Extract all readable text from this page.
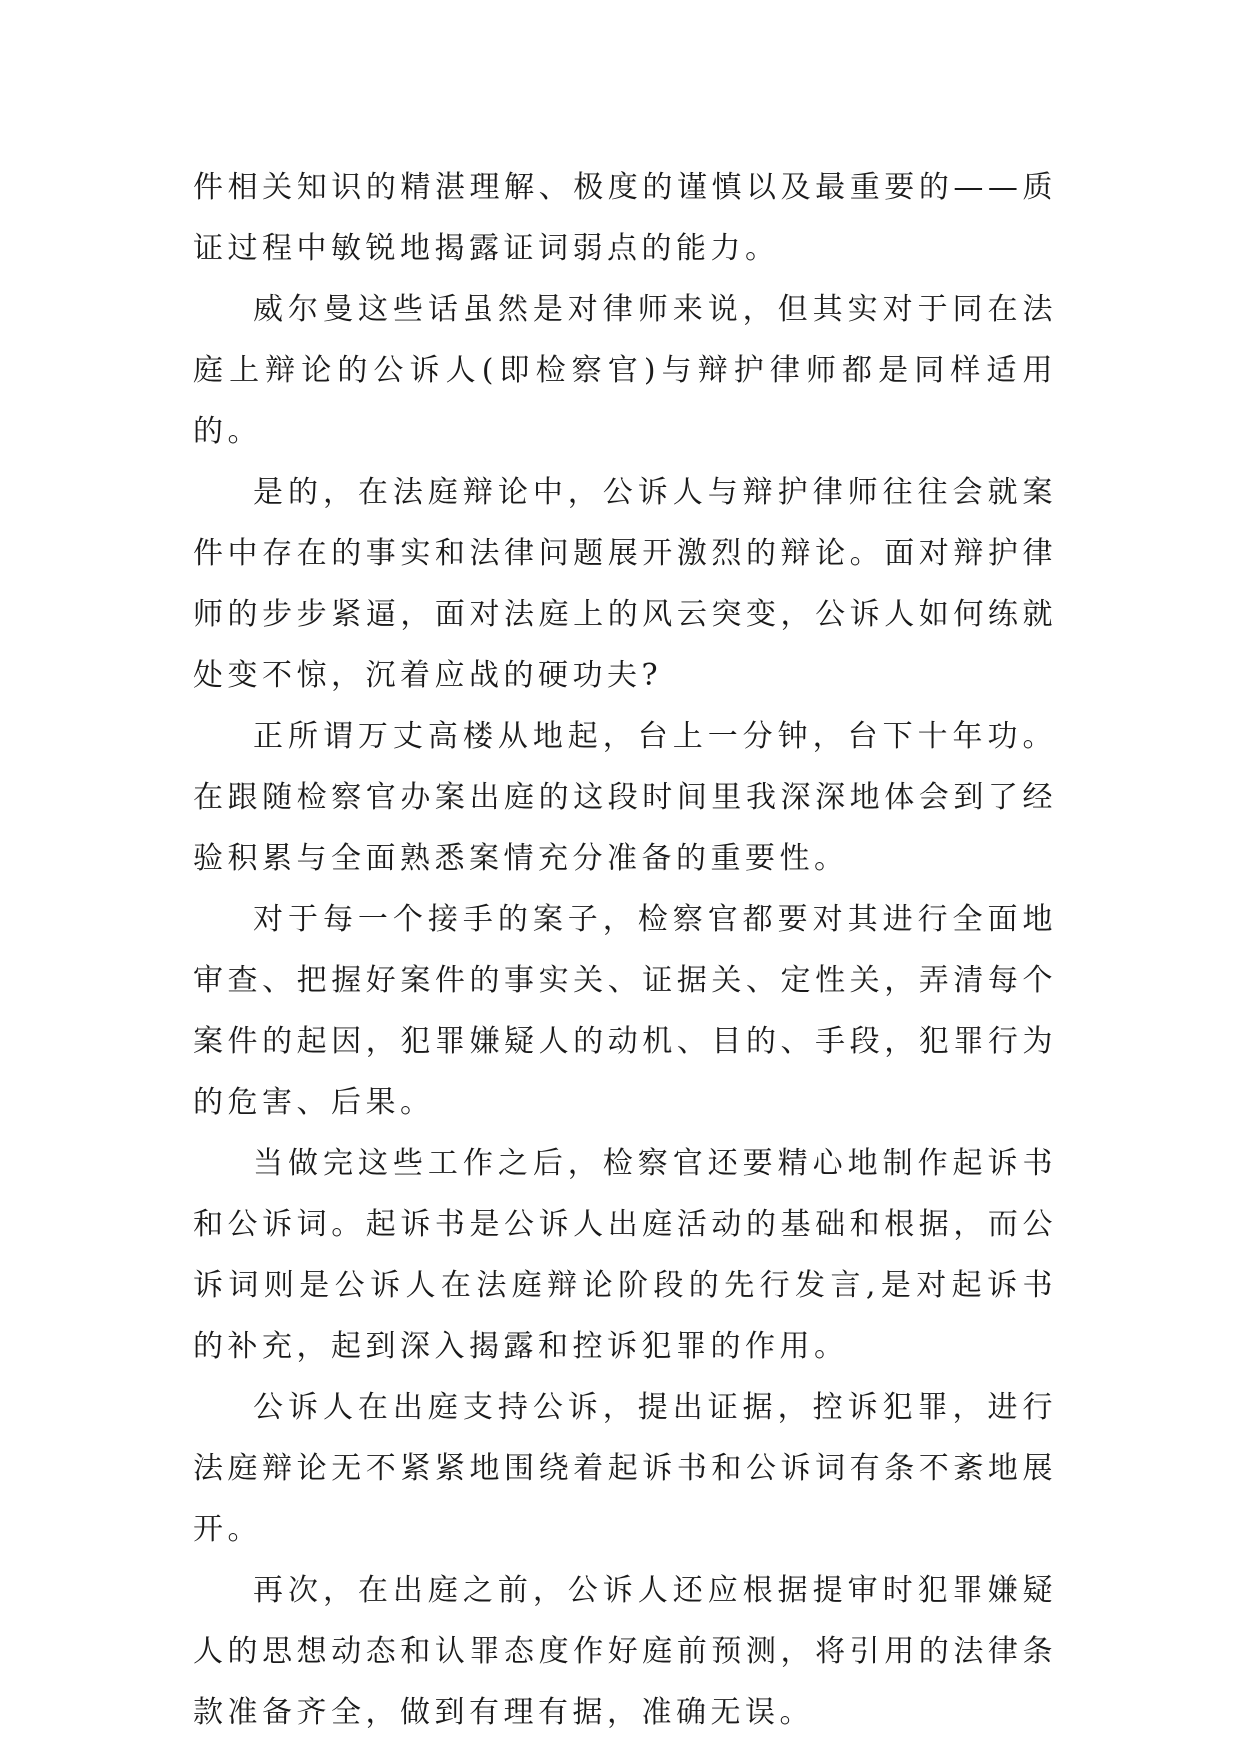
件相关知识的精湛理解、极度的谨慎以及最重要的——质证过程中敏锐地揭露证词弱点的能力。

威尔曼这些话虽然是对律师来说，但其实对于同在法庭上辩论的公诉人(即检察官)与辩护律师都是同样适用的。

是的，在法庭辩论中，公诉人与辩护律师往往会就案件中存在的事实和法律问题展开激烈的辩论。面对辩护律师的步步紧逼，面对法庭上的风云突变，公诉人如何练就处变不惊，沉着应战的硬功夫?

正所谓万丈高楼从地起，台上一分钟，台下十年功。在跟随检察官办案出庭的这段时间里我深深地体会到了经验积累与全面熟悉案情充分准备的重要性。

对于每一个接手的案子，检察官都要对其进行全面地审查、把握好案件的事实关、证据关、定性关，弄清每个案件的起因，犯罪嫌疑人的动机、目的、手段，犯罪行为的危害、后果。

当做完这些工作之后，检察官还要精心地制作起诉书和公诉词。起诉书是公诉人出庭活动的基础和根据，而公诉词则是公诉人在法庭辩论阶段的先行发言,是对起诉书的补充，起到深入揭露和控诉犯罪的作用。

公诉人在出庭支持公诉，提出证据，控诉犯罪，进行法庭辩论无不紧紧地围绕着起诉书和公诉词有条不紊地展开。

再次，在出庭之前，公诉人还应根据提审时犯罪嫌疑人的思想动态和认罪态度作好庭前预测，将引用的法律条款准备齐全，做到有理有据，准确无误。
